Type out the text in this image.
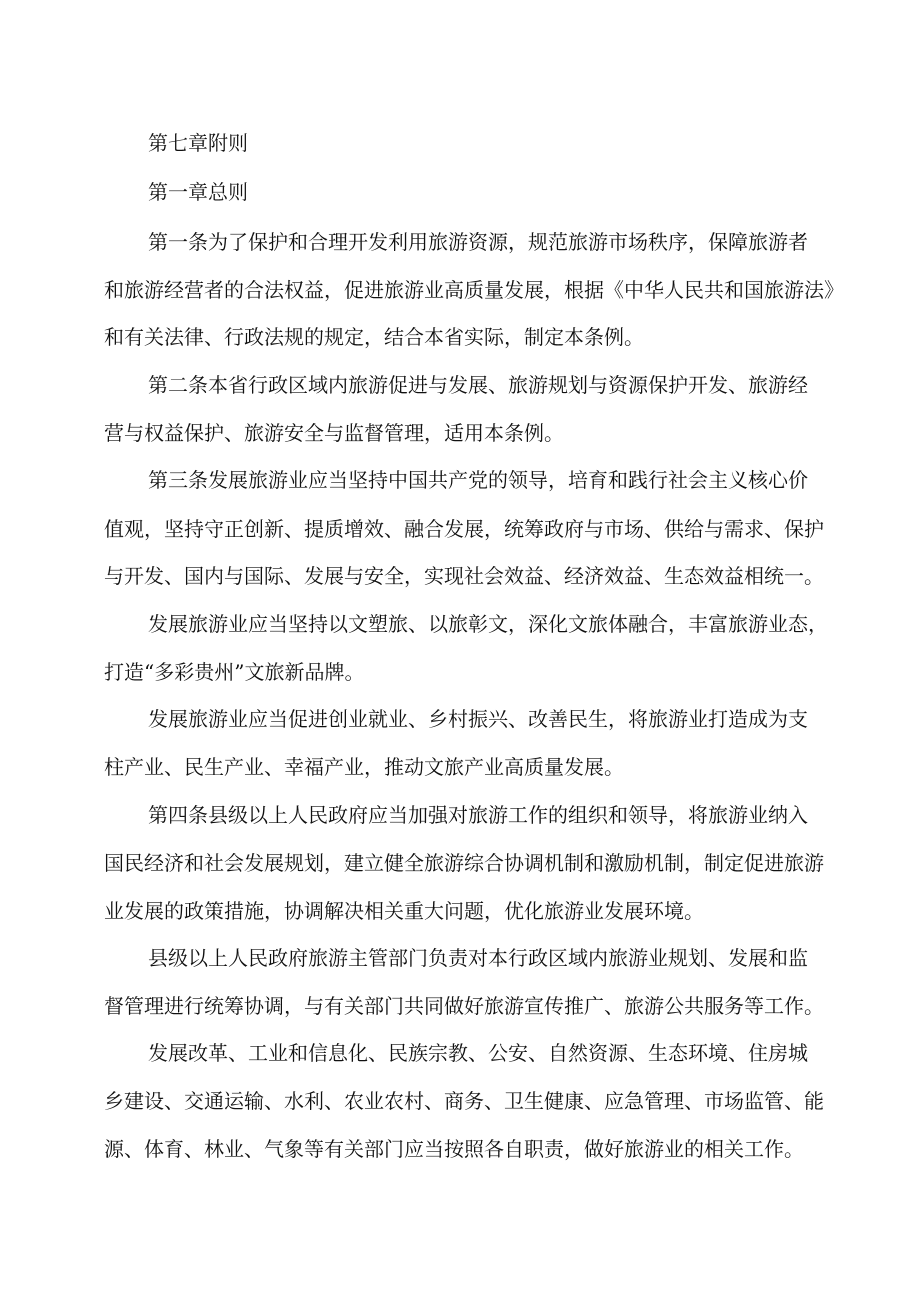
第七章附则

第一章总则

第一条为了保护和合理开发利用旅游资源，规范旅游市场秩序，保障旅游者

和旅游经营者的合法权益，促进旅游业高质量发展，根据《中华人民共和国旅游法》

和有关法律、行政法规的规定，结合本省实际，制定本条例。

第二条本省行政区域内旅游促进与发展、旅游规划与资源保护开发、旅游经

营与权益保护、旅游安全与监督管理，适用本条例。

第三条发展旅游业应当坚持中国共产党的领导，培育和践行社会主义核心价

值观，坚持守正创新、提质增效、融合发展，统筹政府与市场、供给与需求、保护

与开发、国内与国际、发展与安全，实现社会效益、经济效益、生态效益相统一。

发展旅游业应当坚持以文塑旅、以旅彰文，深化文旅体融合，丰富旅游业态，

打造“多彩贵州”文旅新品牌。

发展旅游业应当促进创业就业、乡村振兴、改善民生，将旅游业打造成为支

柱产业、民生产业、幸福产业，推动文旅产业高质量发展。

第四条县级以上人民政府应当加强对旅游工作的组织和领导，将旅游业纳入

国民经济和社会发展规划，建立健全旅游综合协调机制和激励机制，制定促进旅游

业发展的政策措施，协调解决相关重大问题，优化旅游业发展环境。

县级以上人民政府旅游主管部门负责对本行政区域内旅游业规划、发展和监

督管理进行统筹协调，与有关部门共同做好旅游宣传推广、旅游公共服务等工作。

发展改革、工业和信息化、民族宗教、公安、自然资源、生态环境、住房城

乡建设、交通运输、水利、农业农村、商务、卫生健康、应急管理、市场监管、能

源、体育、林业、气象等有关部门应当按照各自职责，做好旅游业的相关工作。
